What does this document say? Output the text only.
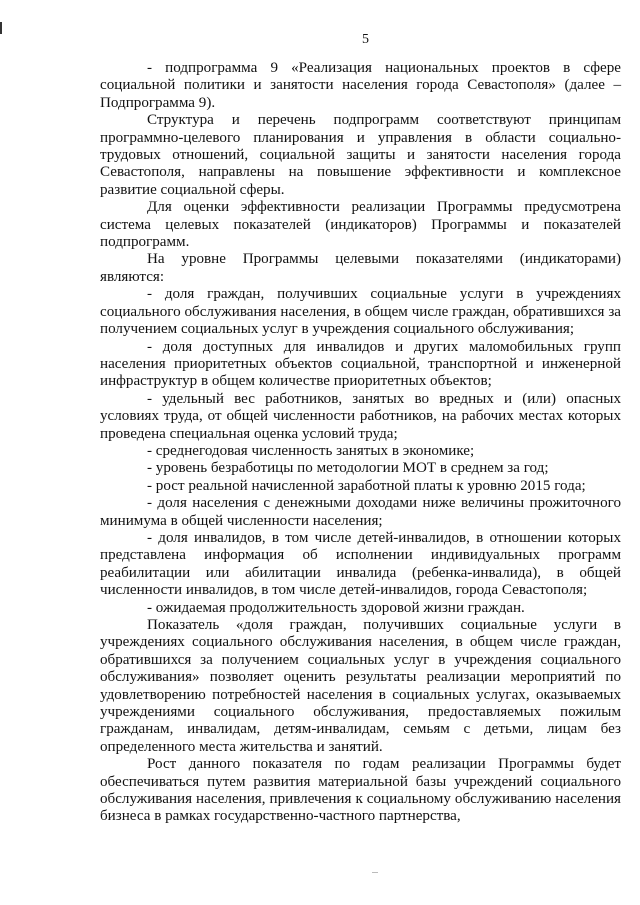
5

- подпрограмма 9 «Реализация национальных проектов в сфере социальной политики и занятости населения города Севастополя» (далее – Подпрограмма 9).

Структура и перечень подпрограмм соответствуют принципам программно-целевого планирования и управления в области социально-трудовых отношений, социальной защиты и занятости населения города Севастополя, направлены на повышение эффективности и комплексное развитие социальной сферы.

Для оценки эффективности реализации Программы предусмотрена система целевых показателей (индикаторов) Программы и показателей подпрограмм.

На уровне Программы целевыми показателями (индикаторами) являются:

- доля граждан, получивших социальные услуги в учреждениях социального обслуживания населения, в общем числе граждан, обратившихся за получением социальных услуг в учреждения социального обслуживания;

- доля доступных для инвалидов и других маломобильных групп населения приоритетных объектов социальной, транспортной и инженерной инфраструктур в общем количестве приоритетных объектов;

- удельный вес работников, занятых во вредных и (или) опасных условиях труда, от общей численности работников, на рабочих местах которых проведена специальная оценка условий труда;

- среднегодовая численность занятых в экономике;

- уровень безработицы по методологии МОТ в среднем за год;

- рост реальной начисленной заработной платы к уровню 2015 года;

- доля населения с денежными доходами ниже величины прожиточного минимума в общей численности населения;

- доля инвалидов, в том числе детей-инвалидов, в отношении которых представлена информация об исполнении индивидуальных программ реабилитации или абилитации инвалида (ребенка-инвалида), в общей численности инвалидов, в том числе детей-инвалидов, города Севастополя;

- ожидаемая продолжительность здоровой жизни граждан.

Показатель «доля граждан, получивших социальные услуги в учреждениях социального обслуживания населения, в общем числе граждан, обратившихся за получением социальных услуг в учреждения социального обслуживания» позволяет оценить результаты реализации мероприятий по удовлетворению потребностей населения в социальных услугах, оказываемых учреждениями социального обслуживания, предоставляемых пожилым гражданам, инвалидам, детям-инвалидам, семьям с детьми, лицам без определенного места жительства и занятий.

Рост данного показателя по годам реализации Программы будет обеспечиваться путем развития материальной базы учреждений социального обслуживания населения, привлечения к социальному обслуживанию населения бизнеса в рамках государственно-частного партнерства,
